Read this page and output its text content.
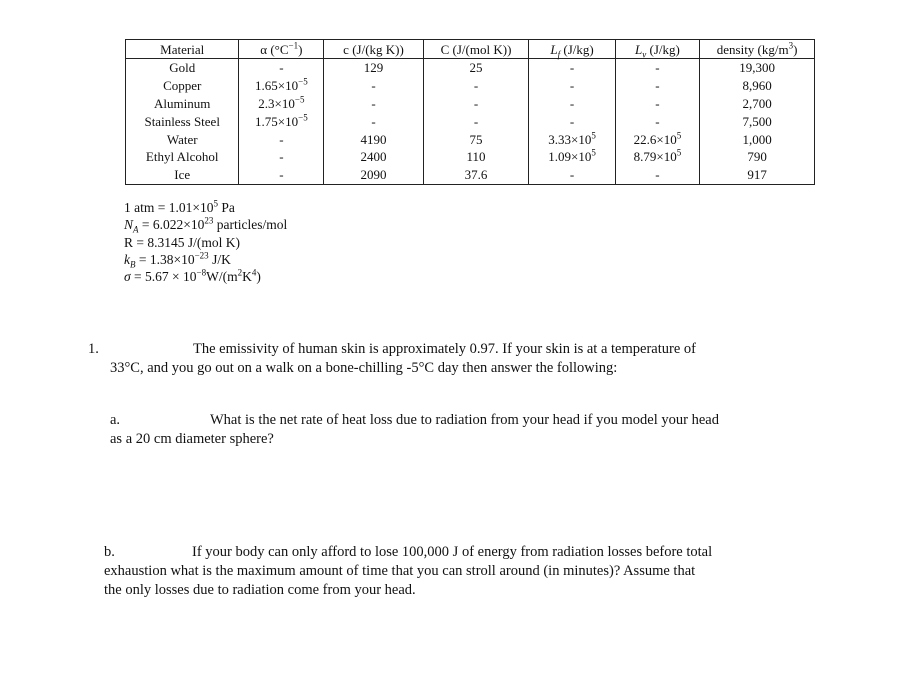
Material	α $(^\circ C^{-1})$	c (J/(kg K))	C (J/(mol K))	$L_f$ (J/kg)	$L_v$ (J/kg)	density $(kg/m^3)$
Gold	-	129	25	-	-	19,300
Copper	$1.65\times 10^{-5}$	-	-	-	-	8,960
Aluminum	$2.3\times 10^{-5}$	-	-	-	-	2,700
Stainless Steel	$1.75\times 10^{-5}$	-	-	-	-	7,500
Water	-	4190	75	$3.33\times 10^5$	$22.6\times 10^5$	1,000
Ethyl Alcohol	-	2400	110	$1.09\times 10^5$	$8.79\times 10^5$	790
Ice	-	2090	37.6	-	-	917
1 atm = $1.01\times 10^5$ Pa
$N_A = 6.022\times 10^{23}$ particles/mol
R = 8.3145 J/(mol K)
$k_B = 1.38\times 10^{-23}$ J/K
$\sigma = 5.67 \times 10^{-8}W/(m^2K^4)$
1.	The emissivity of human skin is approximately 0.97. If your skin is at a temperature of
33°C, and you go out on a walk on a bone-chilling -5°C day then answer the following:
a.	What is the net rate of heat loss due to radiation from your head if you model your head
as a 20 cm diameter sphere?
b.	If your body can only afford to lose 100,000 J of energy from radiation losses before total
exhaustion what is the maximum amount of time that you can stroll around (in minutes)? Assume that
the only losses due to radiation come from your head.
